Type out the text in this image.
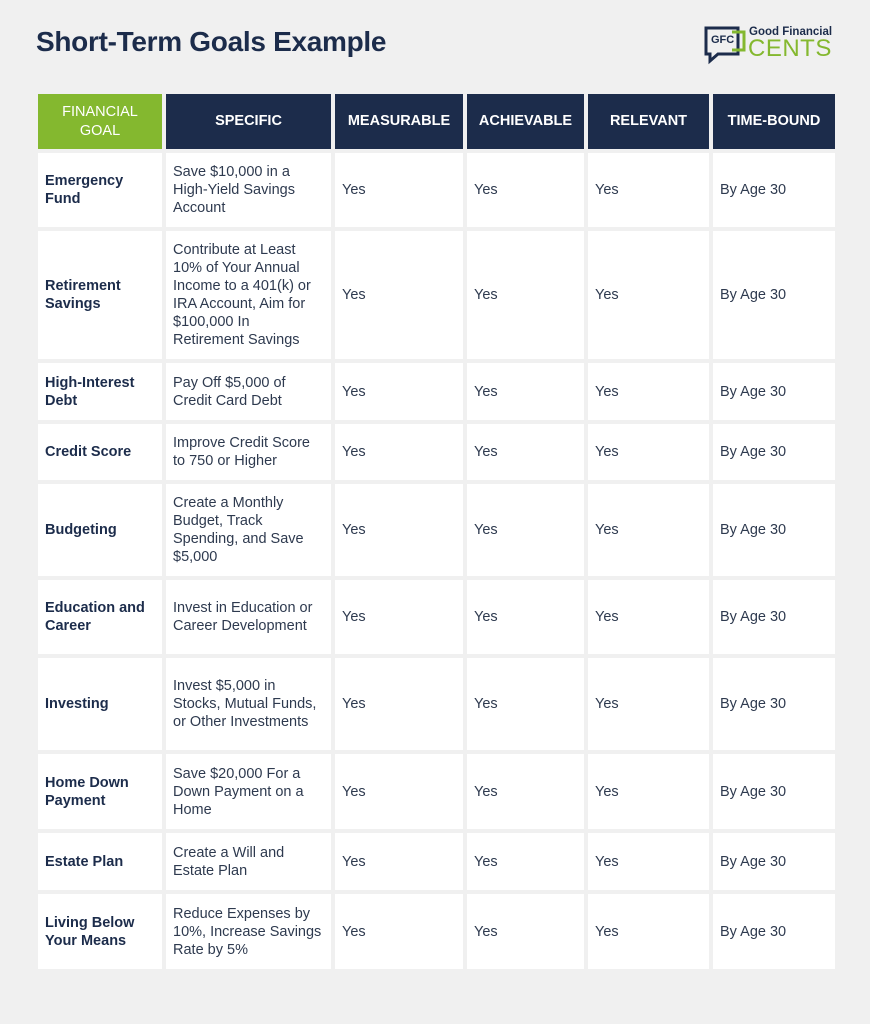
Short-Term Goals Example	GFC
Good Financial
CENTS
FINANCIAL GOAL	SPECIFIC	MEASURABLE	ACHIEVABLE	RELEVANT	TIME-BOUND
Emergency Fund	Save $10,000 in a High-Yield Savings Account	Yes	Yes	Yes	By Age 30
Retirement Savings	Contribute at Least 10% of Your Annual Income to a 401(k) or IRA Account, Aim for $100,000 In Retirement Savings	Yes	Yes	Yes	By Age 30
High-Interest Debt	Pay Off $5,000 of Credit Card Debt	Yes	Yes	Yes	By Age 30
Credit Score	Improve Credit Score to 750 or Higher	Yes	Yes	Yes	By Age 30
Budgeting	Create a Monthly Budget, Track Spending, and Save $5,000	Yes	Yes	Yes	By Age 30
Education and Career	Invest in Education or Career Development	Yes	Yes	Yes	By Age 30
Investing	Invest $5,000 in Stocks, Mutual Funds, or Other Investments	Yes	Yes	Yes	By Age 30
Home Down Payment	Save $20,000 For a Down Payment on a Home	Yes	Yes	Yes	By Age 30
Estate Plan	Create a Will and Estate Plan	Yes	Yes	Yes	By Age 30
Living Below Your Means	Reduce Expenses by 10%, Increase Savings Rate by 5%	Yes	Yes	Yes	By Age 30
